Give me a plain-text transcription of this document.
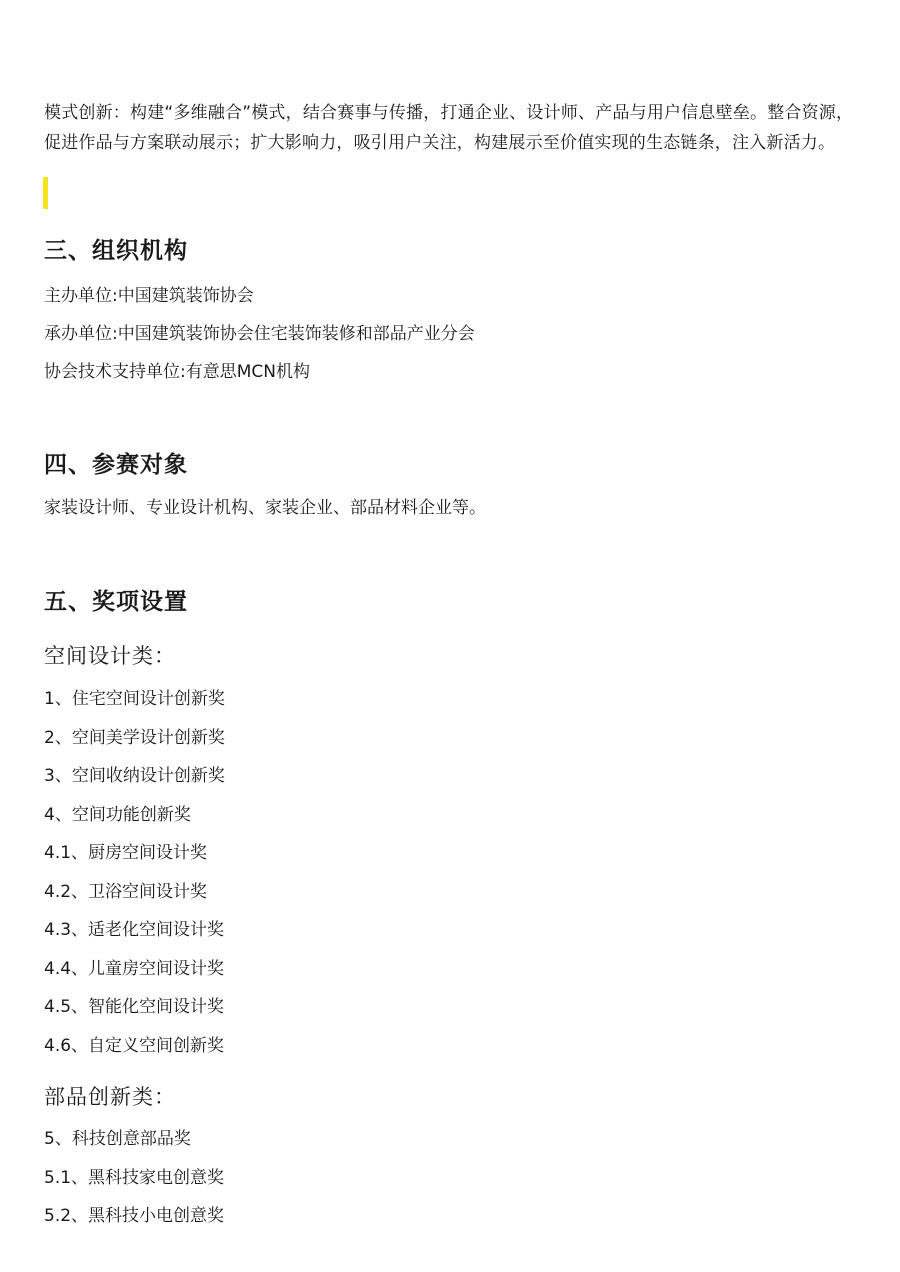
模式创新：构建“多维融合”模式，结合赛事与传播，打通企业、设计师、产品与用户信息壁垒。整合资源，促进作品与方案联动展示；扩大影响力，吸引用户关注，构建展示至价值实现的生态链条，注入新活力。

三、组织机构

主办单位:中国建筑装饰协会

承办单位:中国建筑装饰协会住宅装饰装修和部品产业分会

协会技术支持单位:有意思MCN机构

四、参赛对象

家装设计师、专业设计机构、家装企业、部品材料企业等。

五、奖项设置
空间设计类：

1、住宅空间设计创新奖

2、空间美学设计创新奖

3、空间收纳设计创新奖

4、空间功能创新奖

4.1、厨房空间设计奖

4.2、卫浴空间设计奖

4.3、适老化空间设计奖

4.4、儿童房空间设计奖

4.5、智能化空间设计奖

4.6、自定义空间创新奖

部品创新类：

5、科技创意部品奖

5.1、黑科技家电创意奖

5.2、黑科技小电创意奖
